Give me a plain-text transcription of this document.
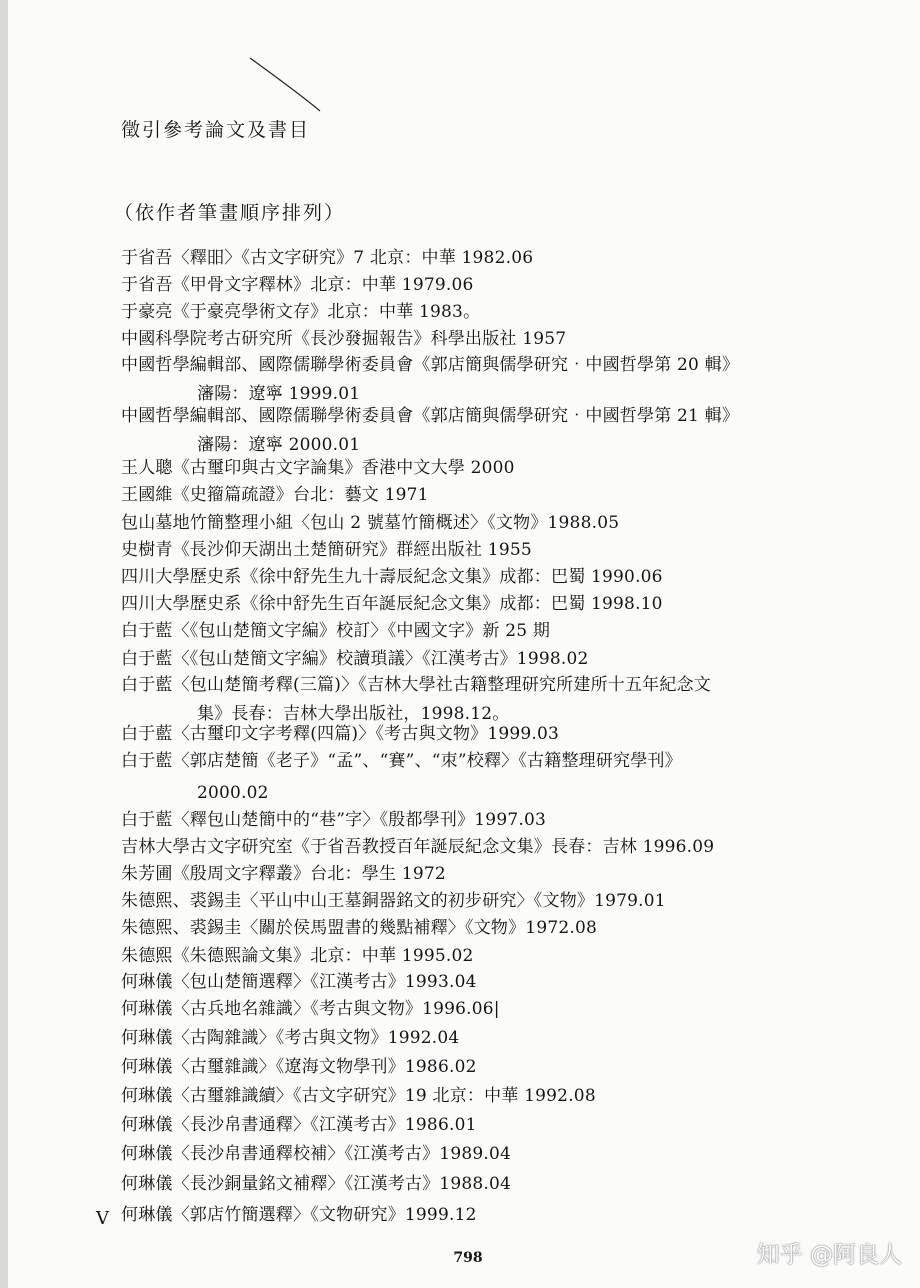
徵引參考論文及書目
（依作者筆畫順序排列）
于省吾〈釋昍〉《古文字研究》7 北京：中華 1982.06
于省吾《甲骨文字釋林》北京：中華 1979.06
于豪亮《于豪亮學術文存》北京：中華 1983。
中國科學院考古研究所《長沙發掘報告》科學出版社 1957
中國哲學編輯部、國際儒聯學術委員會《郭店簡與儒學研究‧中國哲學第 20 輯》
瀋陽：遼寧 1999.01
中國哲學編輯部、國際儒聯學術委員會《郭店簡與儒學研究‧中國哲學第 21 輯》
瀋陽：遼寧 2000.01
王人聰《古璽印與古文字論集》香港中文大學 2000
王國維《史籀篇疏證》台北：藝文 1971
包山墓地竹簡整理小組〈包山 2 號墓竹簡概述〉《文物》1988.05
史樹青《長沙仰天湖出土楚簡研究》群經出版社 1955
四川大學歷史系《徐中舒先生九十壽辰紀念文集》成都：巴蜀 1990.06
四川大學歷史系《徐中舒先生百年誕辰紀念文集》成都：巴蜀 1998.10
白于藍〈《包山楚簡文字編》校訂〉《中國文字》新 25 期
白于藍〈《包山楚簡文字編》校讀瑣議〉《江漢考古》1998.02
白于藍〈包山楚簡考釋(三篇)〉《吉林大學社古籍整理研究所建所十五年紀念文
集》長春：吉林大學出版社，1998.12。
白于藍〈古璽印文字考釋(四篇)〉《考古與文物》1999.03
白于藍〈郭店楚簡《老子》“孟”、“賽”、“朿”校釋〉《古籍整理研究學刊》
2000.02
白于藍〈釋包山楚簡中的“巷”字〉《殷都學刊》1997.03
吉林大學古文字研究室《于省吾教授百年誕辰紀念文集》長春：吉林 1996.09
朱芳圃《殷周文字釋叢》台北：學生 1972
朱德熙、裘錫圭〈平山中山王墓銅器銘文的初步研究〉《文物》1979.01
朱德熙、裘錫圭〈關於侯馬盟書的幾點補釋〉《文物》1972.08
朱德熙《朱德熙論文集》北京：中華 1995.02
何琳儀〈包山楚簡選釋〉《江漢考古》1993.04
何琳儀〈古兵地名雜識〉《考古與文物》1996.06|
何琳儀〈古陶雜識〉《考古與文物》1992.04
何琳儀〈古璽雜識〉《遼海文物學刊》1986.02
何琳儀〈古璽雜識續〉《古文字研究》19 北京：中華 1992.08
何琳儀〈長沙帛書通釋〉《江漢考古》1986.01
何琳儀〈長沙帛書通釋校補〉《江漢考古》1989.04
何琳儀〈長沙銅量銘文補釋〉《江漢考古》1988.04
何琳儀〈郭店竹簡選釋〉《文物研究》1999.12
V
798	知乎 @阿良人
